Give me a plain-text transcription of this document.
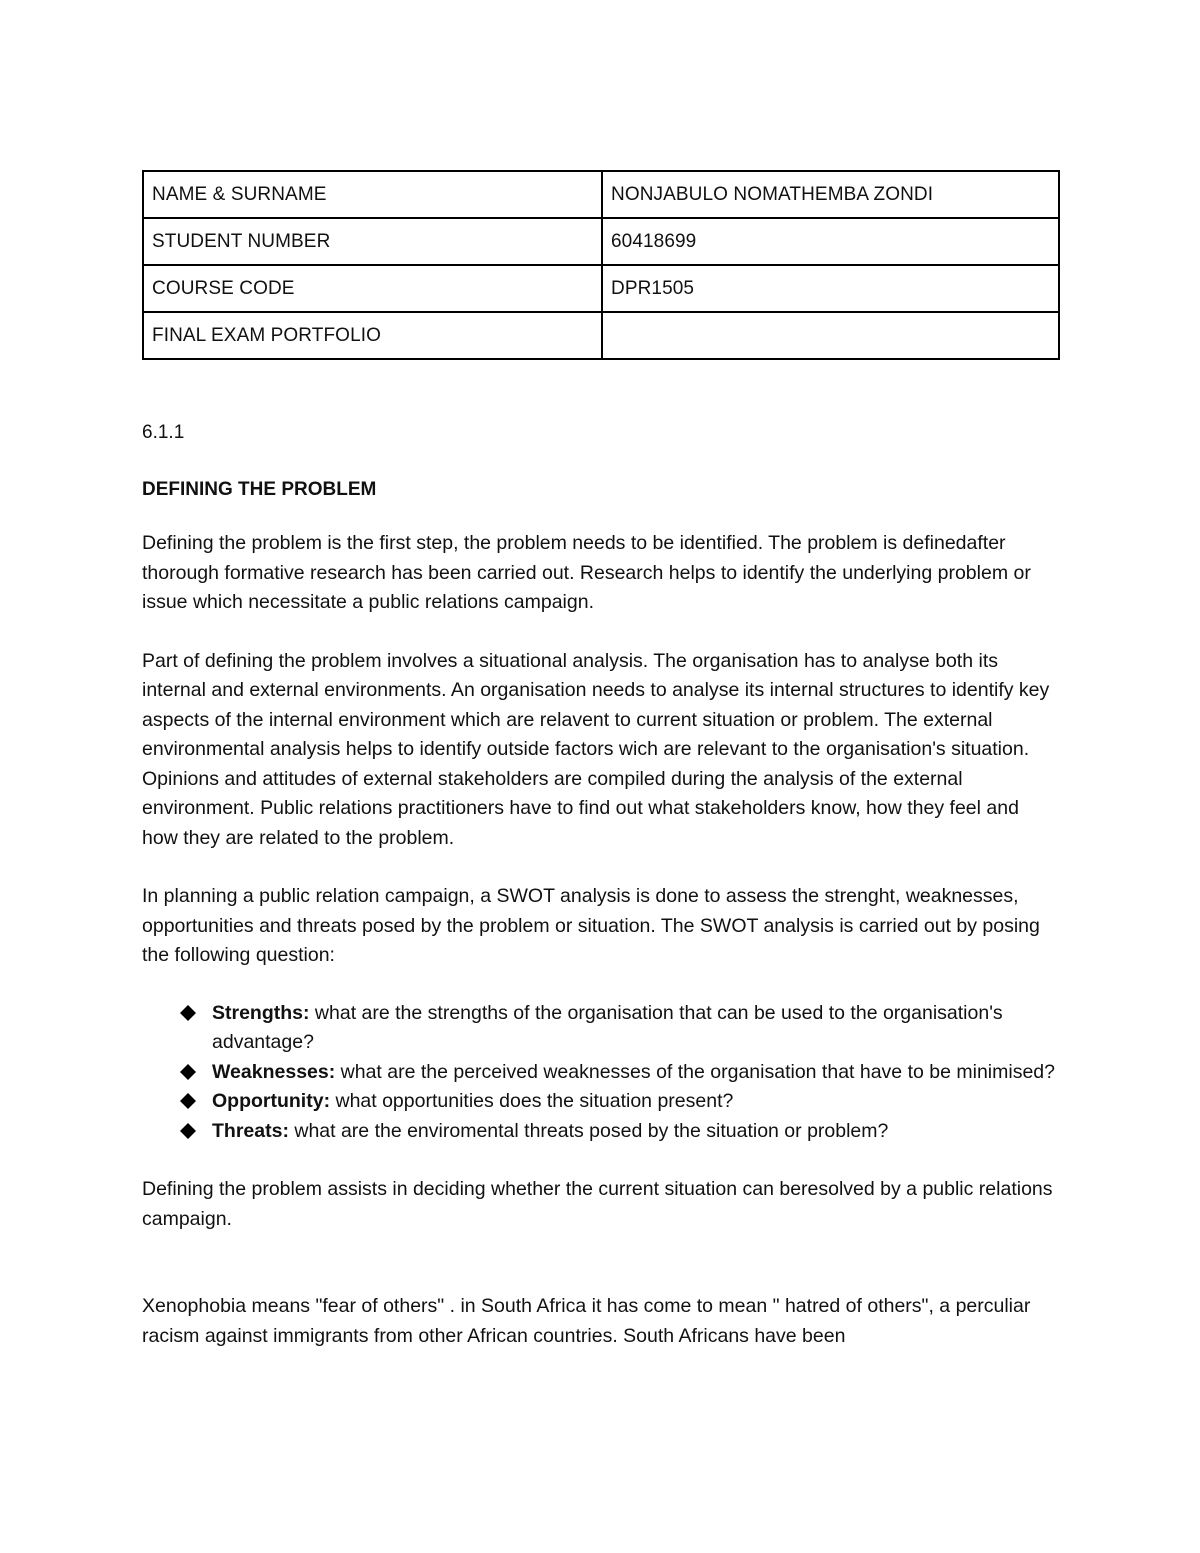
NAME & SURNAME	NONJABULO NOMATHEMBA ZONDI
STUDENT NUMBER	60418699
COURSE CODE	DPR1505
FINAL EXAM PORTFOLIO	
6.1.1
DEFINING THE PROBLEM

Defining the problem is the first step, the problem needs to be identified. The problem is definedafter thorough formative research has been carried out. Research helps to identify the underlying problem or issue which necessitate a public relations campaign.

Part of defining the problem involves a situational analysis. The organisation has to analyse both its internal and external environments. An organisation needs to analyse its internal structures to identify key aspects of the internal environment which are relavent to current situation or problem. The external environmental analysis helps to identify outside factors wich are relevant to the organisation's situation. Opinions and attitudes of external stakeholders are compiled during the analysis of the external environment. Public relations practitioners have to find out what stakeholders know, how they feel and how they are related to the problem.

In planning a public relation campaign, a SWOT analysis is done to assess the strenght, weaknesses, opportunities and threats posed by the problem or situation. The SWOT analysis is carried out by posing the following question:

Strengths: what are the strengths of the organisation that can be used to the organisation's advantage?
Weaknesses: what are the perceived weaknesses of the organisation that have to be minimised?
Opportunity: what opportunities does the situation present?
Threats: what are the enviromental threats posed by the situation or problem?

Defining the problem assists in deciding whether the current situation can beresolved by a public relations campaign.

Xenophobia means "fear of others" . in South Africa it has come to mean " hatred of others", a perculiar racism against immigrants from other African countries. South Africans have been
